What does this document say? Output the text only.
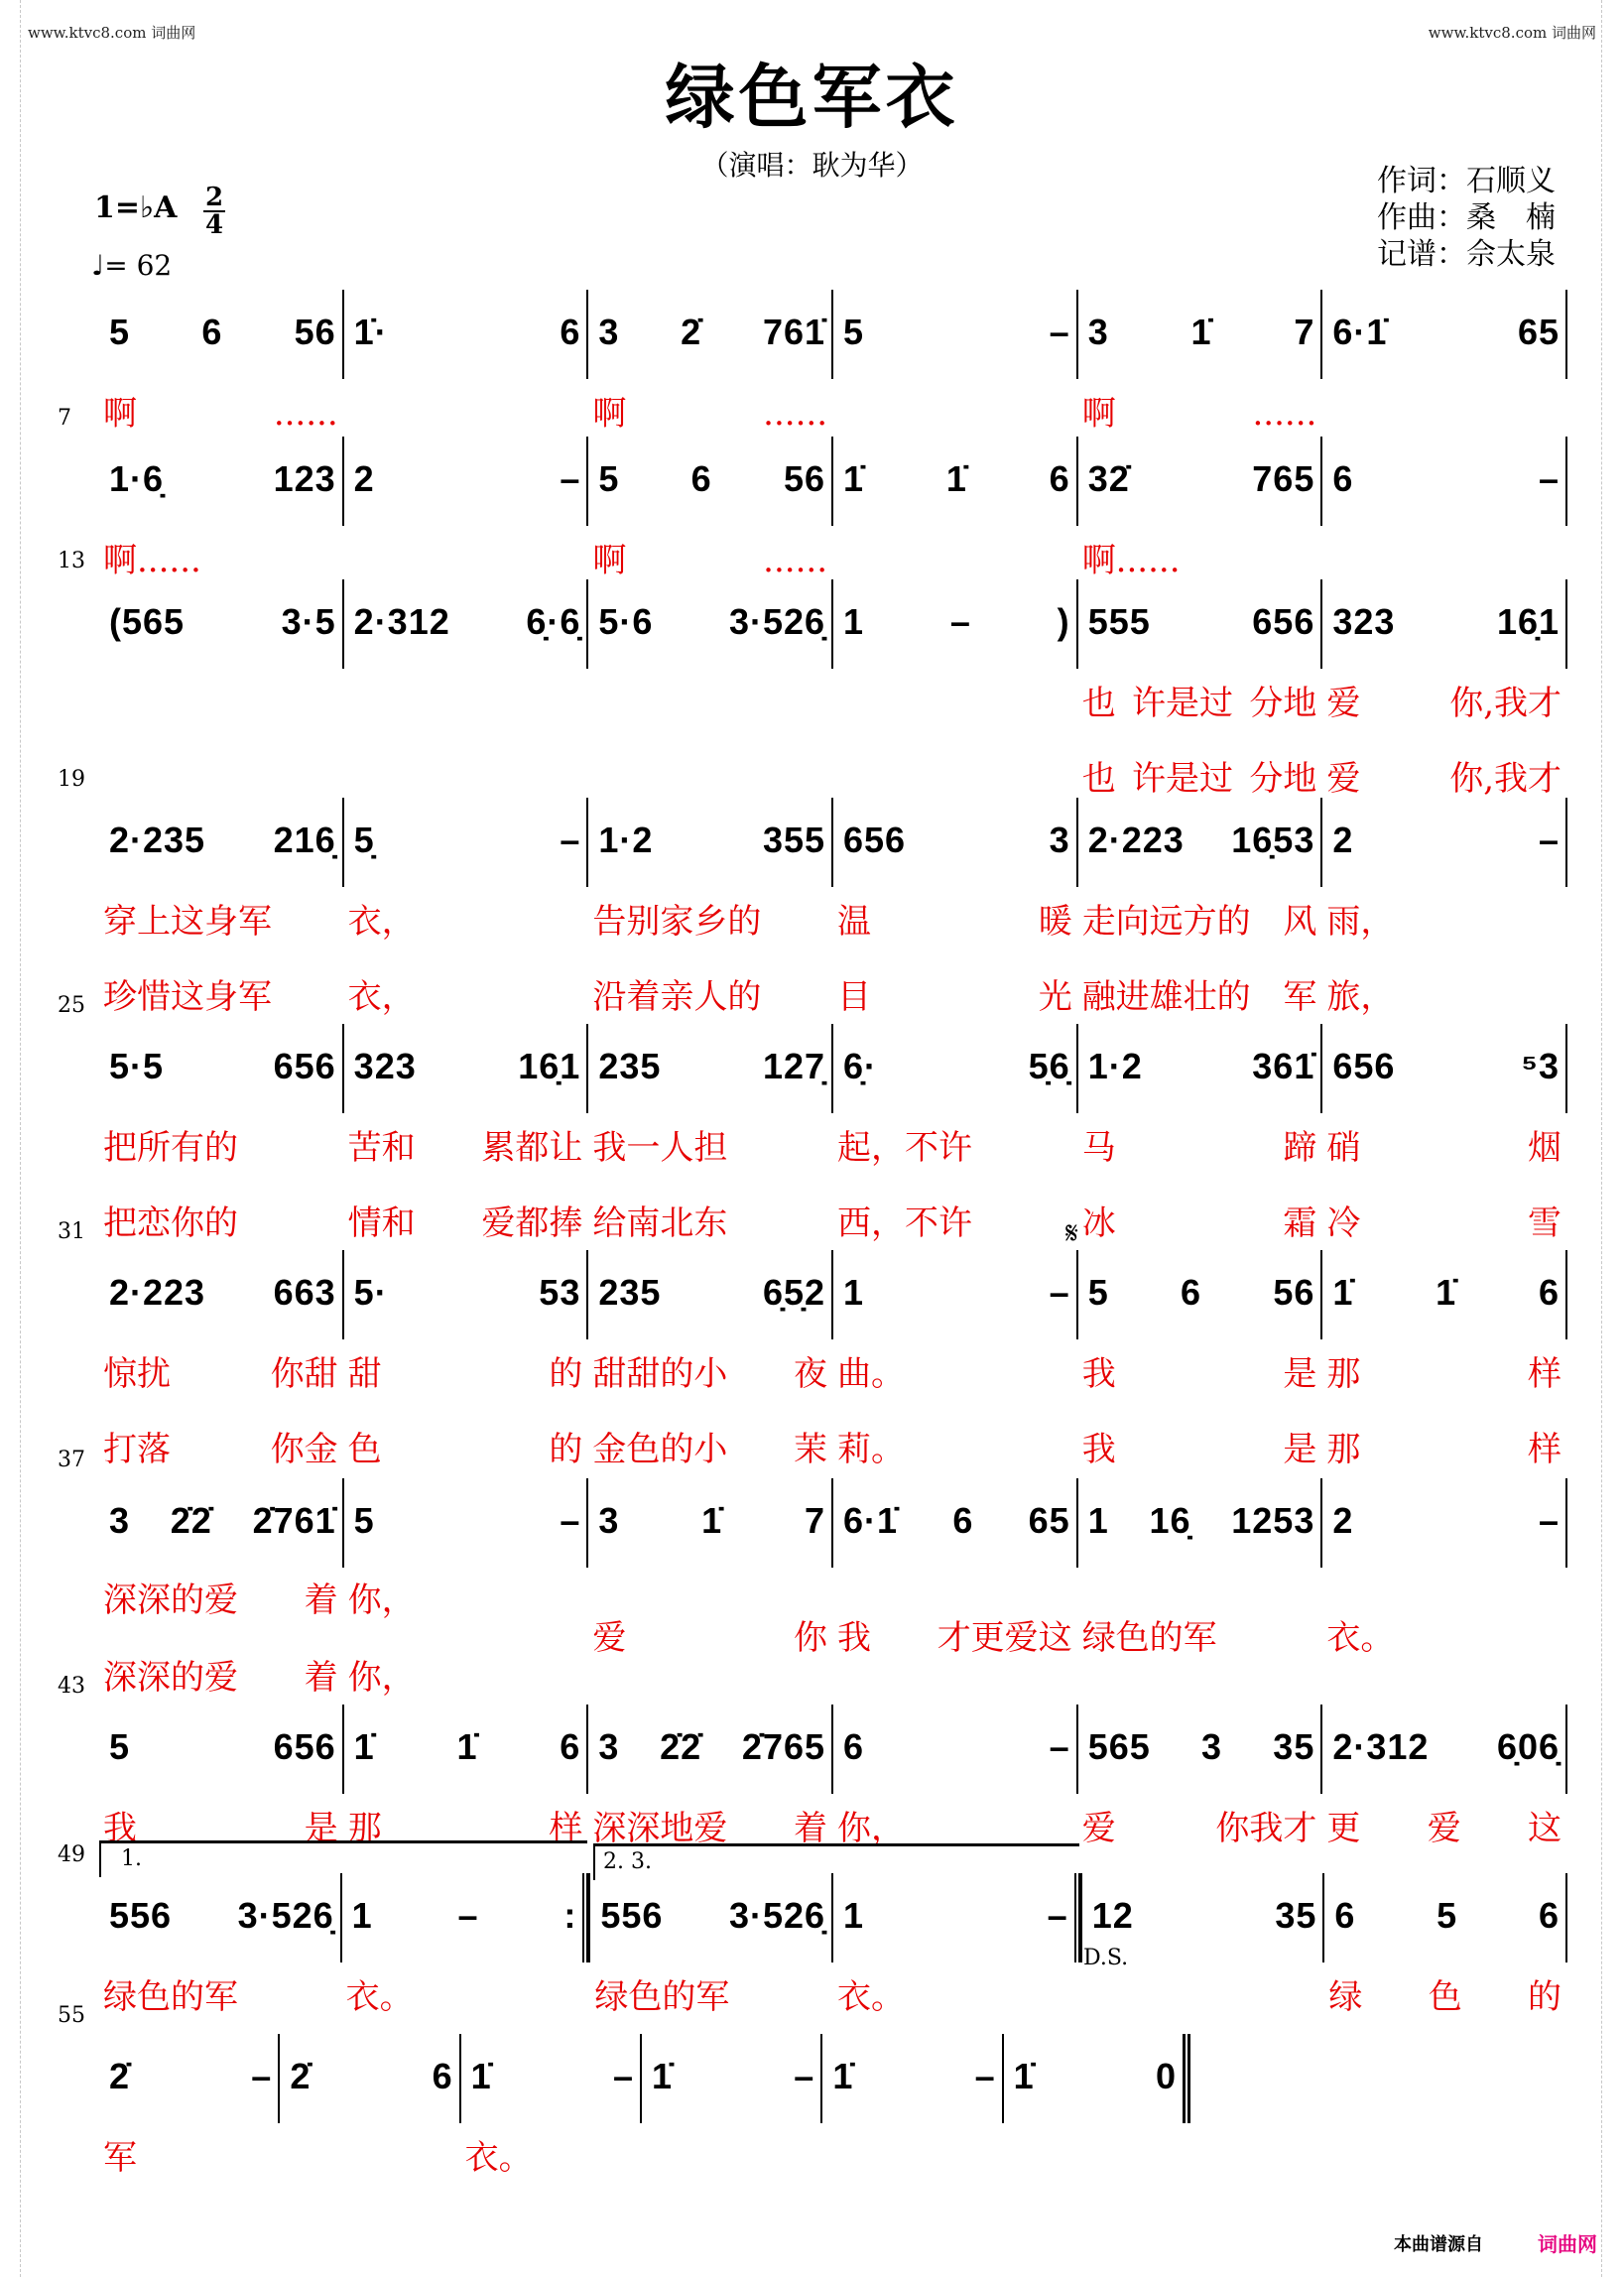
www.ktvc8.com 词曲网	www.ktvc8.com 词曲网
绿色军衣
（演唱：耿为华）	作词：石顺义
作曲：桑　楠
记谱：佘太泉
1=♭A 2
4
♩= 62
5 6 56
啊	......
1̇·	6 3 2̇ 761̇
啊	......
5	– 3 1̇ 7
啊	......
6·1̇	65
7
1·6̣	123
啊......
2	– 5 6 56
啊	......
1̇ 1̇ 6 32̇	765
啊......
6	–
13
(565	3·5 2·312 6̣·6̣ 5·6 3·526̣ 1 – ) 555	656
也 许是过 分地
也 许是过 分地
323	16̣1
爱	你,我才
爱	你,我才
19
2·235 216̣
穿上这身军
珍惜这身军
5̣	–
衣，
衣，
1·2	355
告别家乡的
沿着亲人的
656	3
温	暖
目	光
2·223 16̣53
走向远方的 风
融进雄壮的 军
2	–
雨，
旅，
25
5·5	656
把所有的
把恋你的
323	16̣1
苦和 累都让
情和 爱都捧
235	127̣
我一人担
给南北东
6̣·	5̣6̣
起，不许
西，不许
1·2	361̇
马	蹄
冰	霜
656	⁵3
硝	烟
冷	雪
31
2·223 663
惊扰	你甜
打落	你金
5·	53
甜	的
色	的
235	6̣5̣2
甜甜的小 夜
金色的小 茉
1	–
曲。
莉。
5 6 56
我	是
我	是
1̇ 1̇ 6
那	样
那	样
37
3 2̇2̇ 2̇761̇
深深的爱 着
深深的爱 着
5	–
你，
你，
3 1̇ 7
爱	你
6·1̇ 6 65
我 才更爱这
1 16̣ 1253
绿色的军
2	–
衣。
43
5	656
我	是
1̇ 1̇ 6
那	样
3 2̇2̇ 2̇765
深深地爱 着
6	–
你，
565 3 35
爱	你我才
2·312 6̣06̣
更 爱 这
49
556 3·526̣
绿色的军
1 – :
衣。
556 3·526̣
绿色的军
1	–
衣。
12	35 6 5 6
绿 色 的
55
2̇	–
军
2̇	6 1̇	–
衣。
1̇	– 1̇	– 1̇	0
1.	2. 3.
D.S.
𝄋
本曲谱源自	词曲网
